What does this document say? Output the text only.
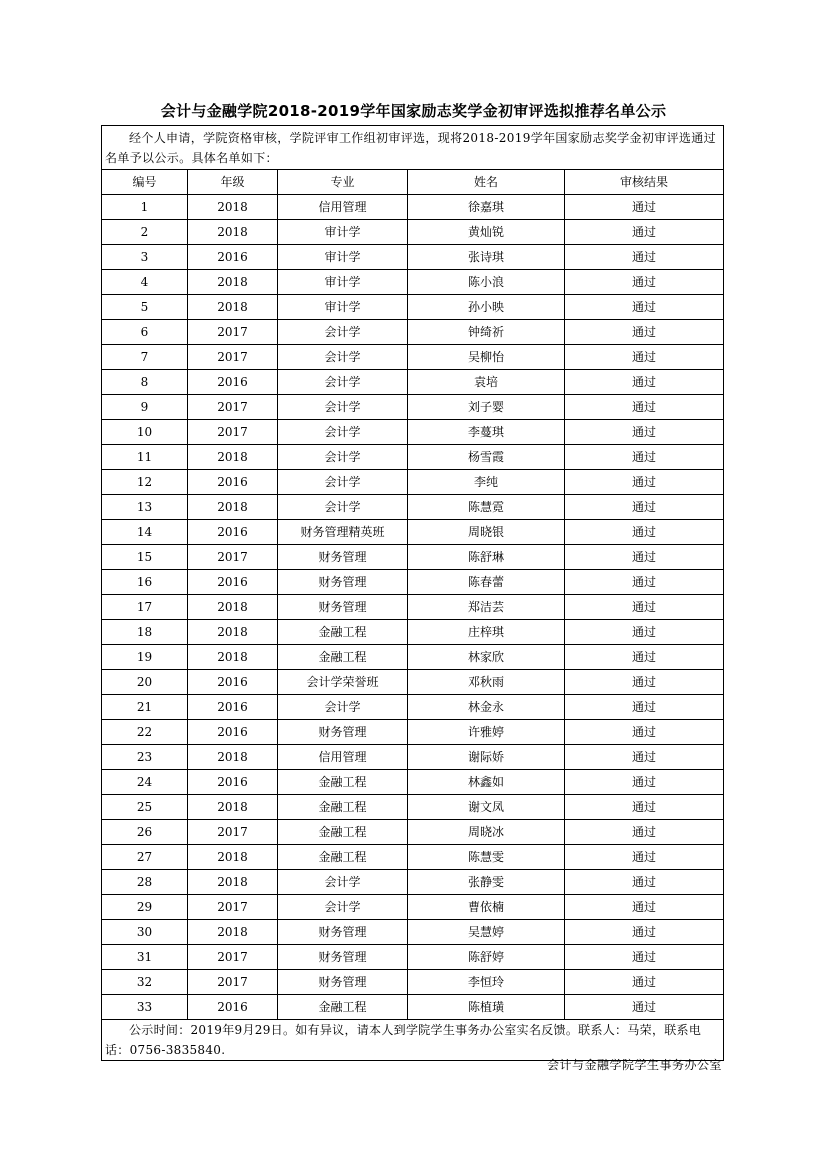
会计与金融学院2018-2019学年国家励志奖学金初审评选拟推荐名单公示
经个人申请，学院资格审核，学院评审工作组初审评选，现将2018-2019学年国家励志奖学金初审评选通过名单予以公示。具体名单如下：				
编号	年级	专业	姓名	审核结果
1	2018	信用管理	徐嘉琪	通过
2	2018	审计学	黄灿锐	通过
3	2016	审计学	张诗琪	通过
4	2018	审计学	陈小浪	通过
5	2018	审计学	孙小映	通过
6	2017	会计学	钟绮祈	通过
7	2017	会计学	吴柳怡	通过
8	2016	会计学	袁培	通过
9	2017	会计学	刘子婴	通过
10	2017	会计学	李蔓琪	通过
11	2018	会计学	杨雪霞	通过
12	2016	会计学	李纯	通过
13	2018	会计学	陈慧霓	通过
14	2016	财务管理精英班	周晓银	通过
15	2017	财务管理	陈舒琳	通过
16	2016	财务管理	陈春蕾	通过
17	2018	财务管理	郑洁芸	通过
18	2018	金融工程	庄梓琪	通过
19	2018	金融工程	林家欣	通过
20	2016	会计学荣誉班	邓秋雨	通过
21	2016	会计学	林金永	通过
22	2016	财务管理	许雅婷	通过
23	2018	信用管理	谢际娇	通过
24	2016	金融工程	林鑫如	通过
25	2018	金融工程	谢文凤	通过
26	2017	金融工程	周晓冰	通过
27	2018	金融工程	陈慧雯	通过
28	2018	会计学	张静雯	通过
29	2017	会计学	曹依楠	通过
30	2018	财务管理	吴慧婷	通过
31	2017	财务管理	陈舒婷	通过
32	2017	财务管理	李恒玲	通过
33	2016	金融工程	陈植璜	通过
公示时间：2019年9月29日。如有异议，请本人到学院学生事务办公室实名反馈。联系人：马荣，联系电话：0756-3835840.				
会计与金融学院学生事务办公室
